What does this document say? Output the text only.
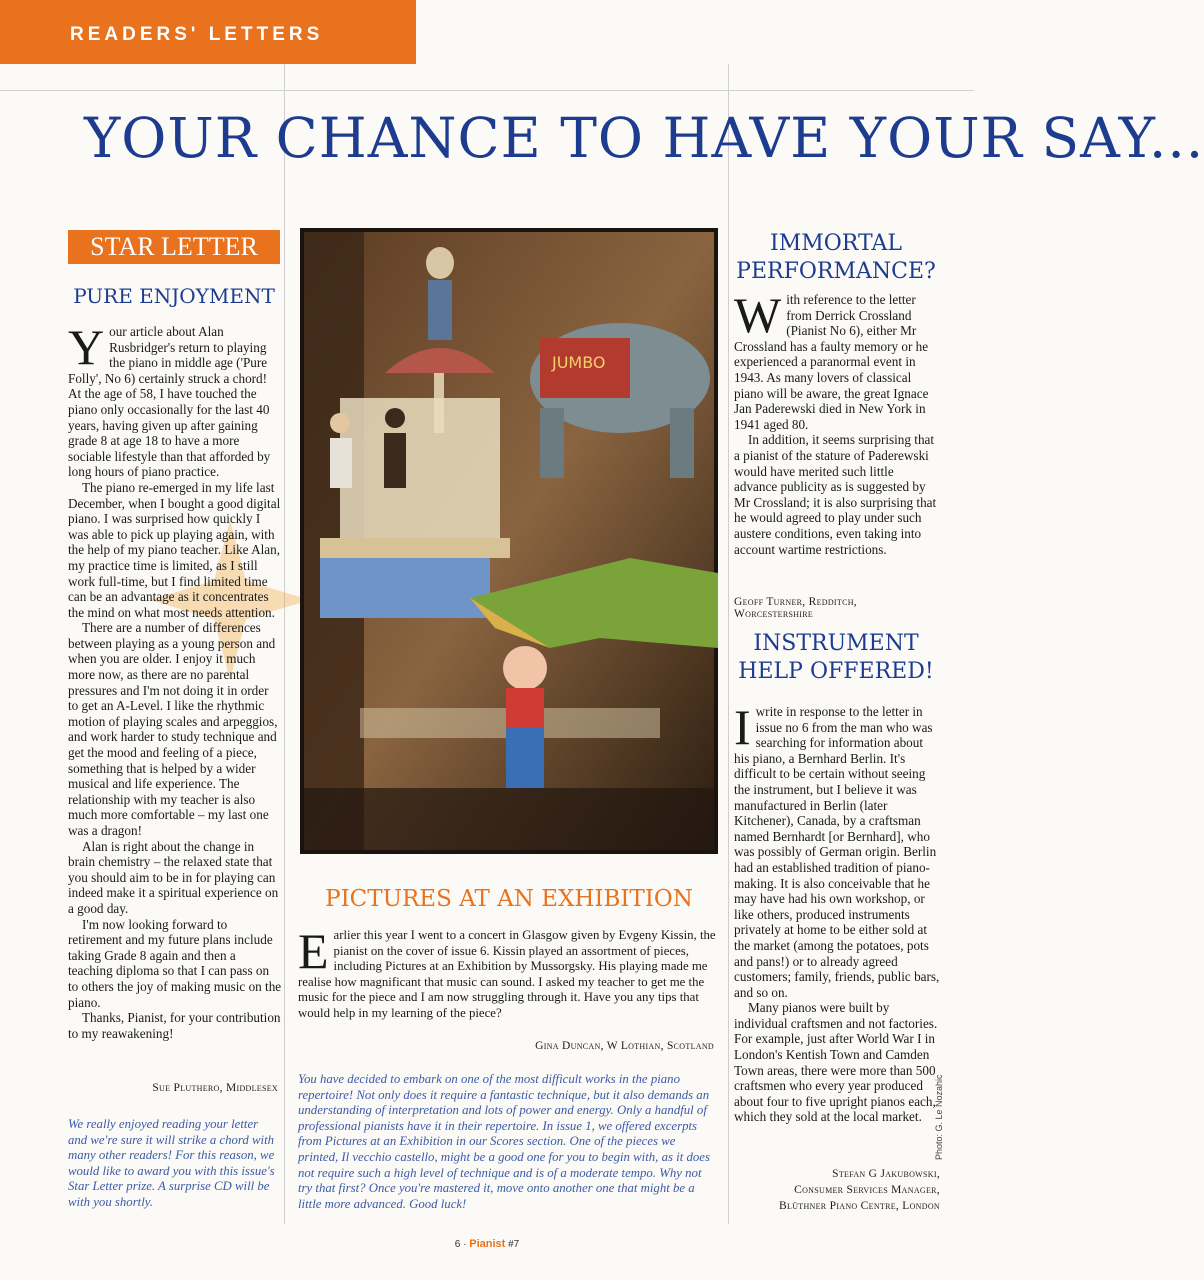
READERS' LETTERS
YOUR CHANCE TO HAVE YOUR SAY...
STAR LETTER
PURE ENJOYMENT

Your article about Alan Rusbridger's return to playing the piano in middle age ('Pure Folly', No 6) certainly struck a chord! At the age of 58, I have touched the piano only occasionally for the last 40 years, having given up after gaining grade 8 at age 18 to have a more sociable lifestyle than that afforded by long hours of piano practice.

The piano re-emerged in my life last December, when I bought a good digital piano. I was surprised how quickly I was able to pick up playing again, with the help of my piano teacher. Like Alan, my practice time is limited, as I still work full-time, but I find limited time can be an advantage as it concentrates the mind on what most needs attention.

There are a number of differences between playing as a young person and when you are older. I enjoy it much more now, as there are no parental pressures and I'm not doing it in order to get an A-Level. I like the rhythmic motion of playing scales and arpeggios, and work harder to study technique and get the mood and feeling of a piece, something that is helped by a wider musical and life experience. The relationship with my teacher is also much more comfortable – my last one was a dragon!

Alan is right about the change in brain chemistry – the relaxed state that you should aim to be in for playing can indeed make it a spiritual experience on a good day.

I'm now looking forward to retirement and my future plans include taking Grade 8 again and then a teaching diploma so that I can pass on to others the joy of making music on the piano.

Thanks, Pianist, for your contribution to my reawakening!

Sue Pluthero, Middlesex
We really enjoyed reading your letter and we're sure it will strike a chord with many other readers! For this reason, we would like to award you with this issue's Star Letter prize. A surprise CD will be with you shortly.
JUMBO
PICTURES AT AN EXHIBITION

Earlier this year I went to a concert in Glasgow given by Evgeny Kissin, the pianist on the cover of issue 6. Kissin played an assortment of pieces, including Pictures at an Exhibition by Mussorgsky. His playing made me realise how magnificant that music can sound. I asked my teacher to get me the music for the piece and I am now struggling through it. Have you any tips that would help in my learning of the piece?

Gina Duncan, W Lothian, Scotland
You have decided to embark on one of the most difficult works in the piano repertoire! Not only does it require a fantastic technique, but it also demands an understanding of interpretation and lots of power and energy. Only a handful of professional pianists have it in their repertoire. In issue 1, we offered excerpts from Pictures at an Exhibition in our Scores section. One of the pieces we printed, Il vecchio castello, might be a good one for you to begin with, as it does not require such a high level of technique and is of a moderate tempo. Why not try that first? Once you're mastered it, move onto another one that might be a little more advanced. Good luck!
IMMORTAL
PERFORMANCE?

With reference to the letter from Derrick Crossland (Pianist No 6), either Mr Crossland has a faulty memory or he experienced a paranormal event in 1943. As many lovers of classical piano will be aware, the great Ignace Jan Paderewski died in New York in 1941 aged 80.

In addition, it seems surprising that a pianist of the stature of Paderewski would have merited such little advance publicity as is suggested by Mr Crossland; it is also surprising that he would agreed to play under such austere conditions, even taking into account wartime restrictions.

Geoff Turner, Redditch, Worcestershire
INSTRUMENT
HELP OFFERED!

Iwrite in response to the letter in issue no 6 from the man who was searching for information about his piano, a Bernhard Berlin. It's difficult to be certain without seeing the instrument, but I believe it was manufactured in Berlin (later Kitchener), Canada, by a craftsman named Bernhardt [or Bernhard], who was possibly of German origin. Berlin had an established tradition of piano-making. It is also conceivable that he may have had his own workshop, or like others, produced instruments privately at home to be either sold at the market (among the potatoes, pots and pans!) or to already agreed customers; family, friends, public bars, and so on.

Many pianos were built by individual craftsmen and not factories. For example, just after World War I in London's Kentish Town and Camden Town areas, there were more than 500 craftsmen who every year produced about four to five upright pianos each, which they sold at the local market.

Stefan G Jakubowski,
Consumer Services Manager,
Blüthner Piano Centre, London
Photo: G. Le Nozahic
6 · Pianist #7
